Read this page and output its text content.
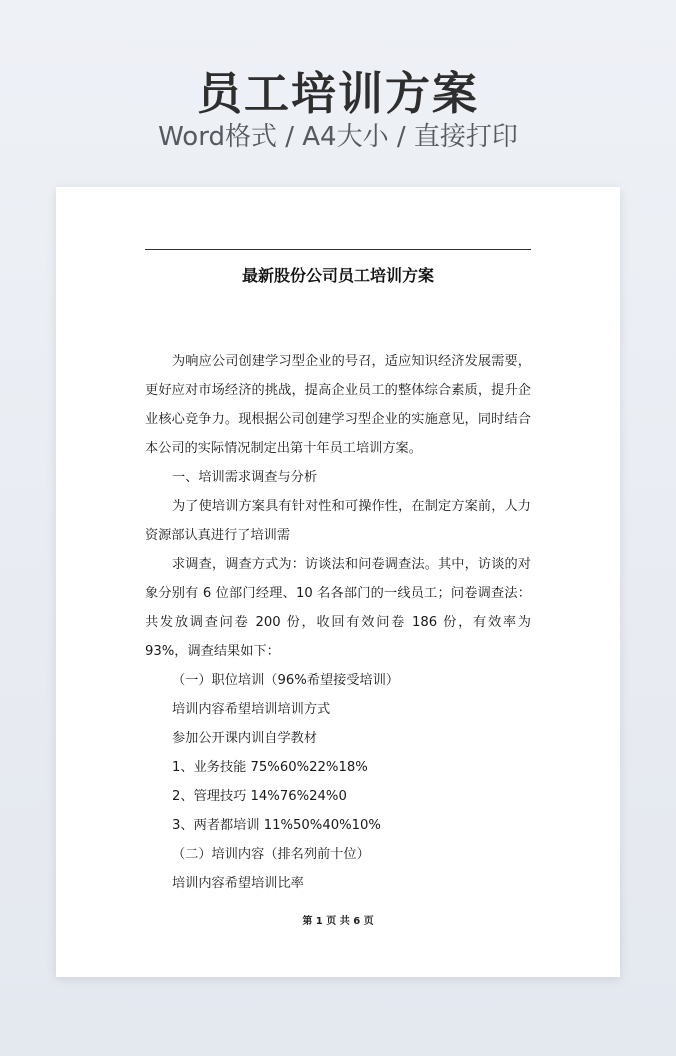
员工培训方案
Word格式 / A4大小 / 直接打印
最新股份公司员工培训方案

为响应公司创建学习型企业的号召，适应知识经济发展需要，更好应对市场经济的挑战，提高企业员工的整体综合素质，提升企业核心竞争力。现根据公司创建学习型企业的实施意见，同时结合本公司的实际情况制定出第十年员工培训方案。

一、培训需求调查与分析

为了使培训方案具有针对性和可操作性，在制定方案前，人力资源部认真进行了培训需

求调查，调查方式为：访谈法和问卷调查法。其中，访谈的对象分别有 6 位部门经理、10 名各部门的一线员工；问卷调查法：共发放调查问卷 200 份，收回有效问卷 186 份，有效率为 93%，调查结果如下：

（一）职位培训（96%希望接受培训）

培训内容希望培训培训方式

参加公开课内训自学教材

1、业务技能 75%60%22%18%

2、管理技巧 14%76%24%0

3、两者都培训 11%50%40%10%

（二）培训内容（排名列前十位）

培训内容希望培训比率

第 1 页 共 6 页
